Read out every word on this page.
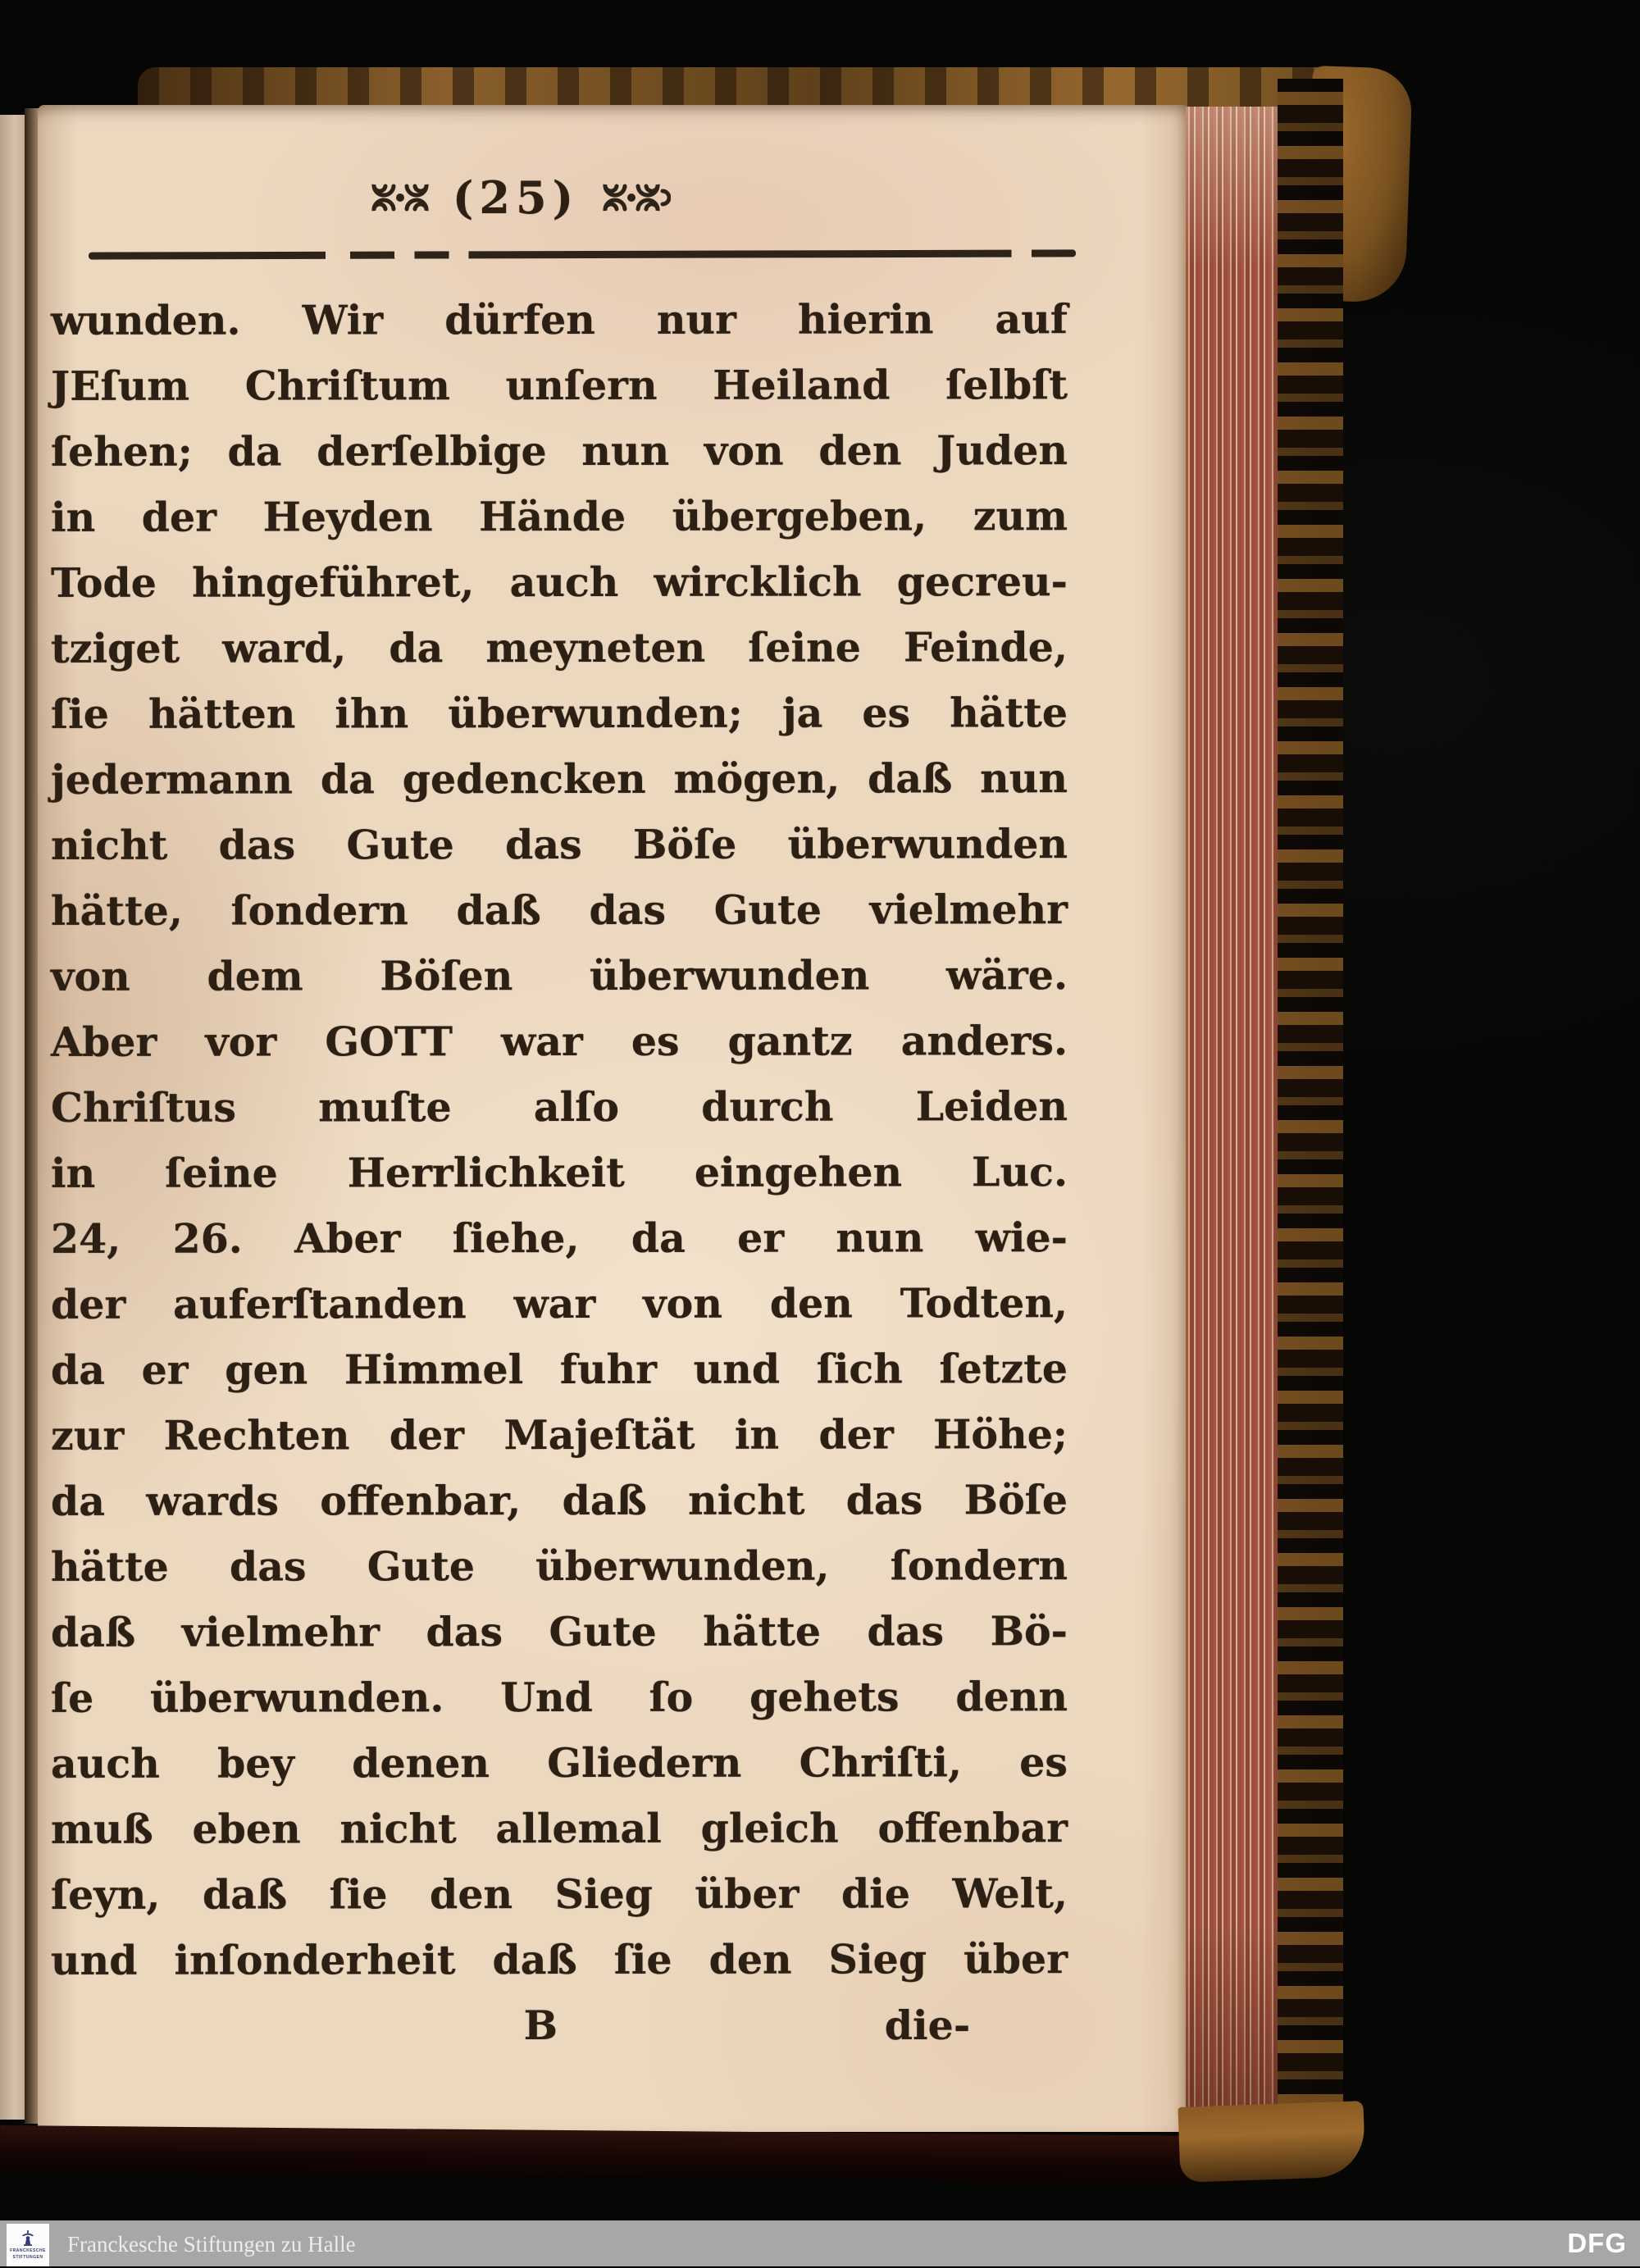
(25)
wunden. Wir dürfen nur hierin auf
JEſum Chriſtum unſern Heiland ſelbſt
ſehen; da derſelbige nun von den Juden
in der Heyden Hände übergeben, zum
Tode hingeführet, auch wircklich gecreu-
tziget ward, da meyneten ſeine Feinde,
ſie hätten ihn überwunden; ja es hätte
jedermann da gedencken mögen, daß nun
nicht das Gute das Böſe überwunden
hätte, ſondern daß das Gute vielmehr
von dem Böſen überwunden wäre.
Aber vor GOTT war es gantz anders.
Chriſtus muſte alſo durch Leiden
in ſeine Herrlichkeit eingehen Luc.
24, 26. Aber ſiehe, da er nun wie-
der auferſtanden war von den Todten,
da er gen Himmel fuhr und ſich ſetzte
zur Rechten der Majeſtät in der Höhe;
da wards offenbar, daß nicht das Böſe
hätte das Gute überwunden, ſondern
daß vielmehr das Gute hätte das Bö-
ſe überwunden. Und ſo gehets denn
auch bey denen Gliedern Chriſti, es
muß eben nicht allemal gleich offenbar
ſeyn, daß ſie den Sieg über die Welt,
und inſonderheit daß ſie den Sieg über
B	die-
FRANCKESCHE
STIFTUNGEN
Franckesche Stiftungen zu Halle	DFG
